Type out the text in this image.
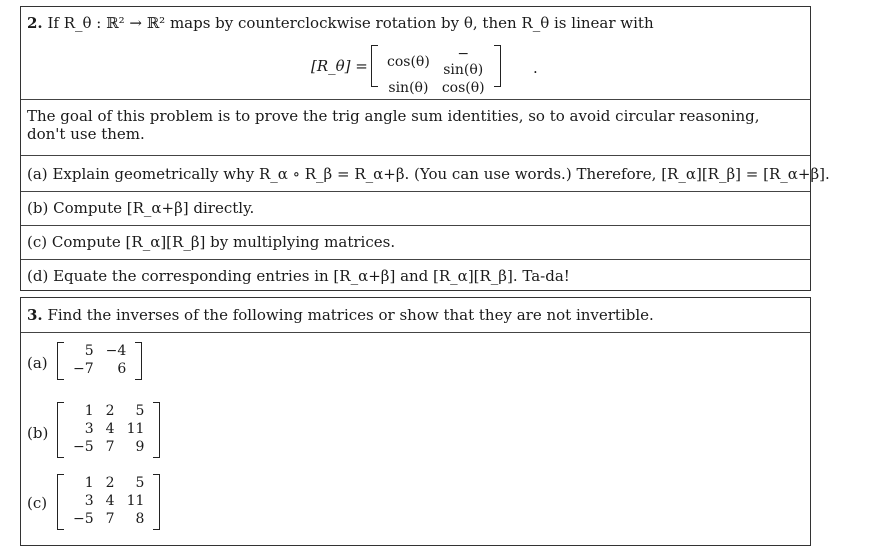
2. If R_θ : ℝ² → ℝ² maps by counterclockwise rotation by θ, then R_θ is linear with
[R_θ] = cos(θ)	− sin(θ)
sin(θ)	cos(θ)
.
The goal of this problem is to prove the trig angle sum identities, so to avoid circular reasoning, don't use them.
(a) Explain geometrically why R_α ∘ R_β = R_α+β. (You can use words.) Therefore, [R_α][R_β] = [R_α+β].
(b) Compute [R_α+β] directly.
(c) Compute [R_α][R_β] by multiplying matrices.
(d) Equate the corresponding entries in [R_α+β] and [R_α][R_β]. Ta-da!
3. Find the inverses of the following matrices or show that they are not invertible.
(a)
5	−4
−7	6
(b)
1	2	5
3	4	11
−5	7	9
(c)
1	2	5
3	4	11
−5	7	8
